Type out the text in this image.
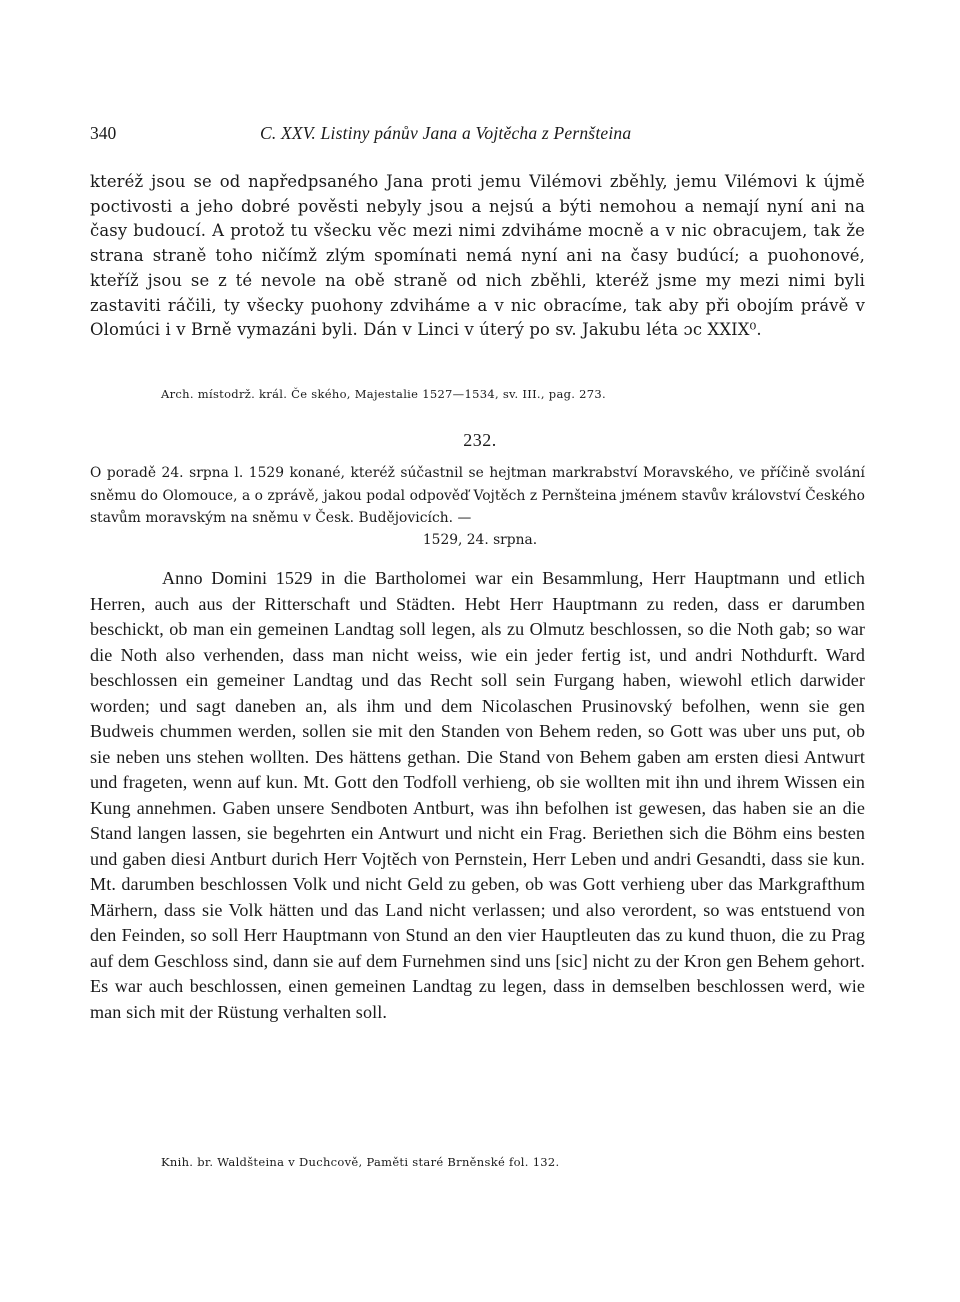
340	C. XXV. Listiny pánův Jana a Vojtěcha z Pernšteina

kteréž jsou se od napředpsaného Jana proti jemu Vilémovi zběhly, jemu Vilémovi k újmě poctivosti a jeho dobré pověsti nebyly jsou a nejsú a býti nemohou a nemají nyní ani na časy budoucí. A protož tu všecku věc mezi nimi zdviháme mocně a v nic obracujem, tak že strana straně toho ničímž zlým spomínati nemá nyní ani na časy budúcí; a puohonové, kteříž jsou se z té nevole na obě straně od nich zběhli, kteréž jsme my mezi nimi byli zastaviti ráčili, ty všecky puohony zdviháme a v nic obracíme, tak aby při obojím právě v Olomúci i v Brně vymazáni byli. Dán v Linci v úterý po sv. Jakubu léta ɔc XXIX⁰.

Arch. místodrž. král. Če ského, Majestalie 1527—1534, sv. III., pag. 273.

232.

O poradě 24. srpna l. 1529 konané, kteréž súčastnil se hejtman markrabství Moravského, ve příčině svolání sněmu do Olomouce, a o zprávě, jakou podal odpověď Vojtěch z Pernšteina jménem stavův království Českého stavům moravským na sněmu v Česk. Budějovicích. —

1529, 24. srpna.

Anno Domini 1529 in die Bartholomei war ein Besammlung, Herr Hauptmann und etlich Herren, auch aus der Ritterschaft und Städten. Hebt Herr Hauptmann zu reden, dass er darumben beschickt, ob man ein gemeinen Landtag soll legen, als zu Olmutz beschlossen, so die Noth gab; so war die Noth also verhenden, dass man nicht weiss, wie ein jeder fertig ist, und andri Nothdurft. Ward beschlossen ein gemeiner Landtag und das Recht soll sein Furgang haben, wiewohl etlich darwider worden; und sagt daneben an, als ihm und dem Nicolaschen Prusinovský befolhen, wenn sie gen Budweis chummen werden, sollen sie mit den Standen von Behem reden, so Gott was uber uns put, ob sie neben uns stehen wollten. Des hättens gethan. Die Stand von Behem gaben am ersten diesi Antwurt und frageten, wenn auf kun. Mt. Gott den Todfoll verhieng, ob sie wollten mit ihn und ihrem Wissen ein Kung annehmen. Gaben unsere Sendboten Antburt, was ihn befolhen ist gewesen, das haben sie an die Stand langen lassen, sie begehrten ein Antwurt und nicht ein Frag. Beriethen sich die Böhm eins besten und gaben diesi Antburt durich Herr Vojtěch von Pernstein, Herr Leben und andri Gesandti, dass sie kun. Mt. darumben beschlossen Volk und nicht Geld zu geben, ob was Gott verhieng uber das Markgrafthum Märhern, dass sie Volk hätten und das Land nicht verlassen; und also verordent, so was entstuend von den Feinden, so soll Herr Hauptmann von Stund an den vier Hauptleuten das zu kund thuon, die zu Prag auf dem Geschloss sind, dann sie auf dem Furnehmen sind uns [sic] nicht zu der Kron gen Behem gehort. Es war auch beschlossen, einen gemeinen Landtag zu legen, dass in demselben beschlossen werd, wie man sich mit der Rüstung verhalten soll.

Knih. br. Waldšteina v Duchcově, Paměti staré Brněnské fol. 132.
